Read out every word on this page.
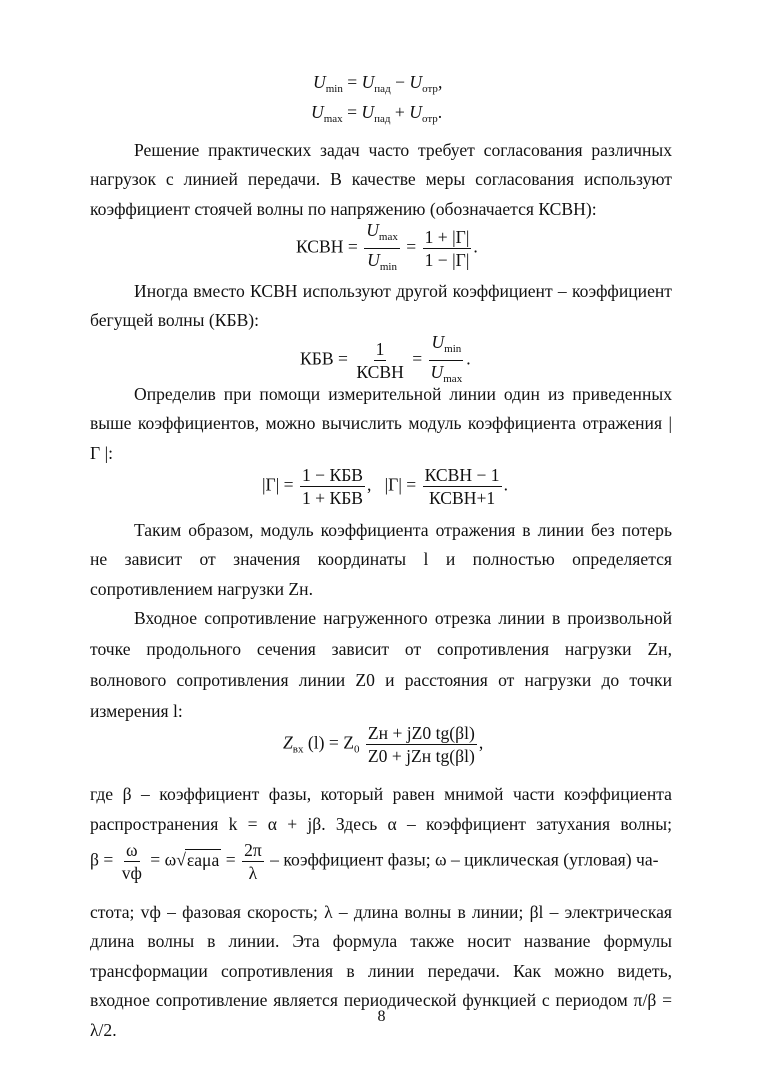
$U_{min} = U_{пад} - U_{отр}$,
$U_{max} = U_{пад} + U_{отр}$.
Решение практических задач часто требует согласования различных нагрузок с линией передачи. В качестве меры согласования используют коэффициент стоячей волны по напряжению (обозначается КСВН):
КСВН = $\frac{U_{max}}{U_{min}} = \frac{1 + |\Gamma|}{1 - |\Gamma|}$ .
Иногда вместо КСВН используют другой коэффициент – коэффициент бегущей волны (КБВ):
КБВ = $\frac{1}{\text{КСВН}} = \frac{U_{min}}{U_{max}}$ .
Определив при помощи измерительной линии один из приведенных выше коэффициентов, можно вычислить модуль коэффициента отражения | Γ |:
$|\Gamma| = \frac{\text{1 − КБВ}}{\text{1 + КБВ}}$ , $|\Gamma| = \frac{\text{КСВН − 1}}{\text{КСВН+1}}$ .
Таким образом, модуль коэффициента отражения в линии без потерь не зависит от значения координаты l и полностью определяется сопротивлением нагрузки Zн.
Входное сопротивление нагруженного отрезка линии в произвольной точке продольного сечения зависит от сопротивления нагрузки Zн, волнового сопротивления линии Z0 и расстояния от нагрузки до точки измерения l:
$Z_{вх}$ $(l) = Z_0 \frac{Zн + jZ0 tg(\beta l)}{\text{Z0 + jZн tg(βl)}}$ ,
где β – коэффициент фазы, который равен мнимой части коэффициента
распространения k = α + jβ. Здесь α – коэффициент затухания волны;
$\beta = \frac{\omega}{vф} = \omega√\varepsilon a\mu a = \frac{2\pi}{\lambda}$ – коэффициент фазы; ω – циклическая (угловая) ча-
стота; vф – фазовая скорость; λ – длина волны в линии; βl – электрическая длина волны в линии. Эта формула также носит название формулы трансформации сопротивления в линии передачи. Как можно видеть, входное сопротивление является периодической функцией с периодом π/β = λ/2.
8
